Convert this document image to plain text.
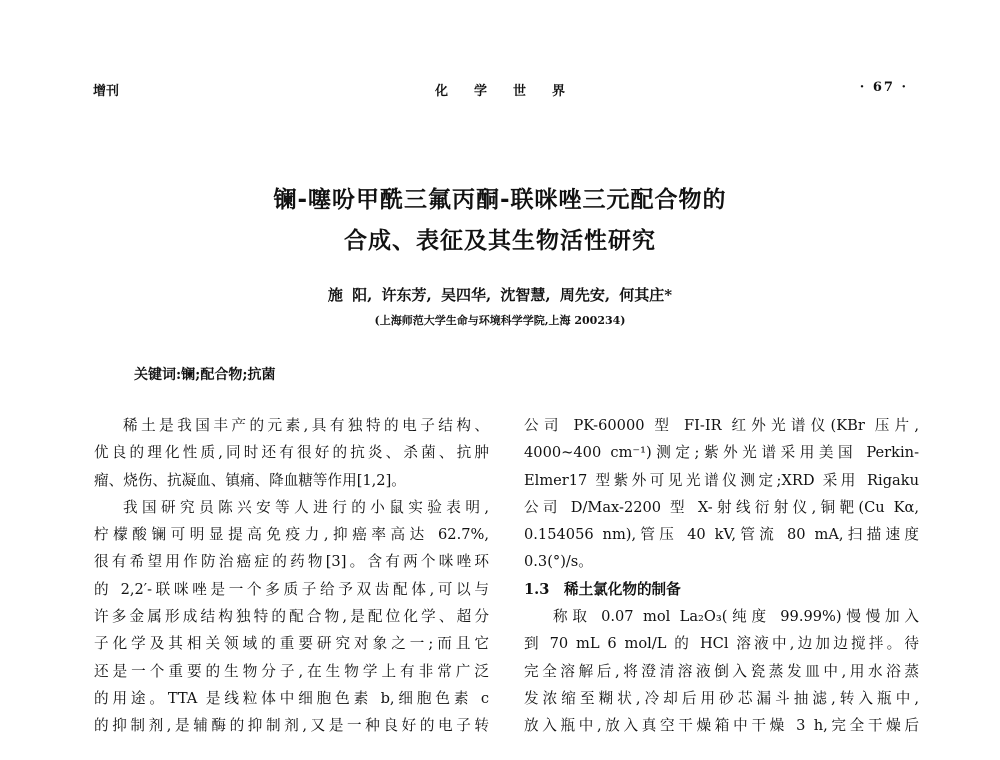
增刊	化学世界	· 67 ·
镧-噻吩甲酰三氟丙酮-联咪唑三元配合物的
合成、表征及其生物活性研究
施 阳, 许东芳, 吴四华, 沈智慧, 周先安, 何其庄*
(上海师范大学生命与环境科学学院,上海 200234)
关键词:镧;配合物;抗菌
稀土是我国丰产的元素,具有独特的电子结构、
优良的理化性质,同时还有很好的抗炎、杀菌、抗肿
瘤、烧伤、抗凝血、镇痛、降血糖等作用[1,2]。
我国研究员陈兴安等人进行的小鼠实验表明,
柠檬酸镧可明显提高免疫力,抑癌率高达 62.7%,
很有希望用作防治癌症的药物[3]。含有两个咪唑环
的 2,2′-联咪唑是一个多质子给予双齿配体,可以与
许多金属形成结构独特的配合物,是配位化学、超分
子化学及其相关领域的重要研究对象之一;而且它
还是一个重要的生物分子,在生物学上有非常广泛
的用途。TTA 是线粒体中细胞色素 b,细胞色素 c
的抑制剂,是辅酶的抑制剂,又是一种良好的电子转
公司 PK-60000 型 FI-IR 红外光谱仪(KBr 压片,
4000~400 cm⁻¹)测定;紫外光谱采用美国 Perkin-
Elmer17 型紫外可见光谱仪测定;XRD 采用 Rigaku
公司 D/Max-2200 型 X-射线衍射仪,铜靶(Cu Kα,
0.154056 nm),管压 40 kV,管流 80 mA,扫描速度
0.3(°)/s。
1.3　稀土氯化物的制备
称取 0.07 mol La₂O₃(纯度 99.99%)慢慢加入
到 70 mL 6 mol/L 的 HCl 溶液中,边加边搅拌。待
完全溶解后,将澄清溶液倒入瓷蒸发皿中,用水浴蒸
发浓缩至糊状,冷却后用砂芯漏斗抽滤,转入瓶中,
放入瓶中,放入真空干燥箱中干燥 3 h,完全干燥后
